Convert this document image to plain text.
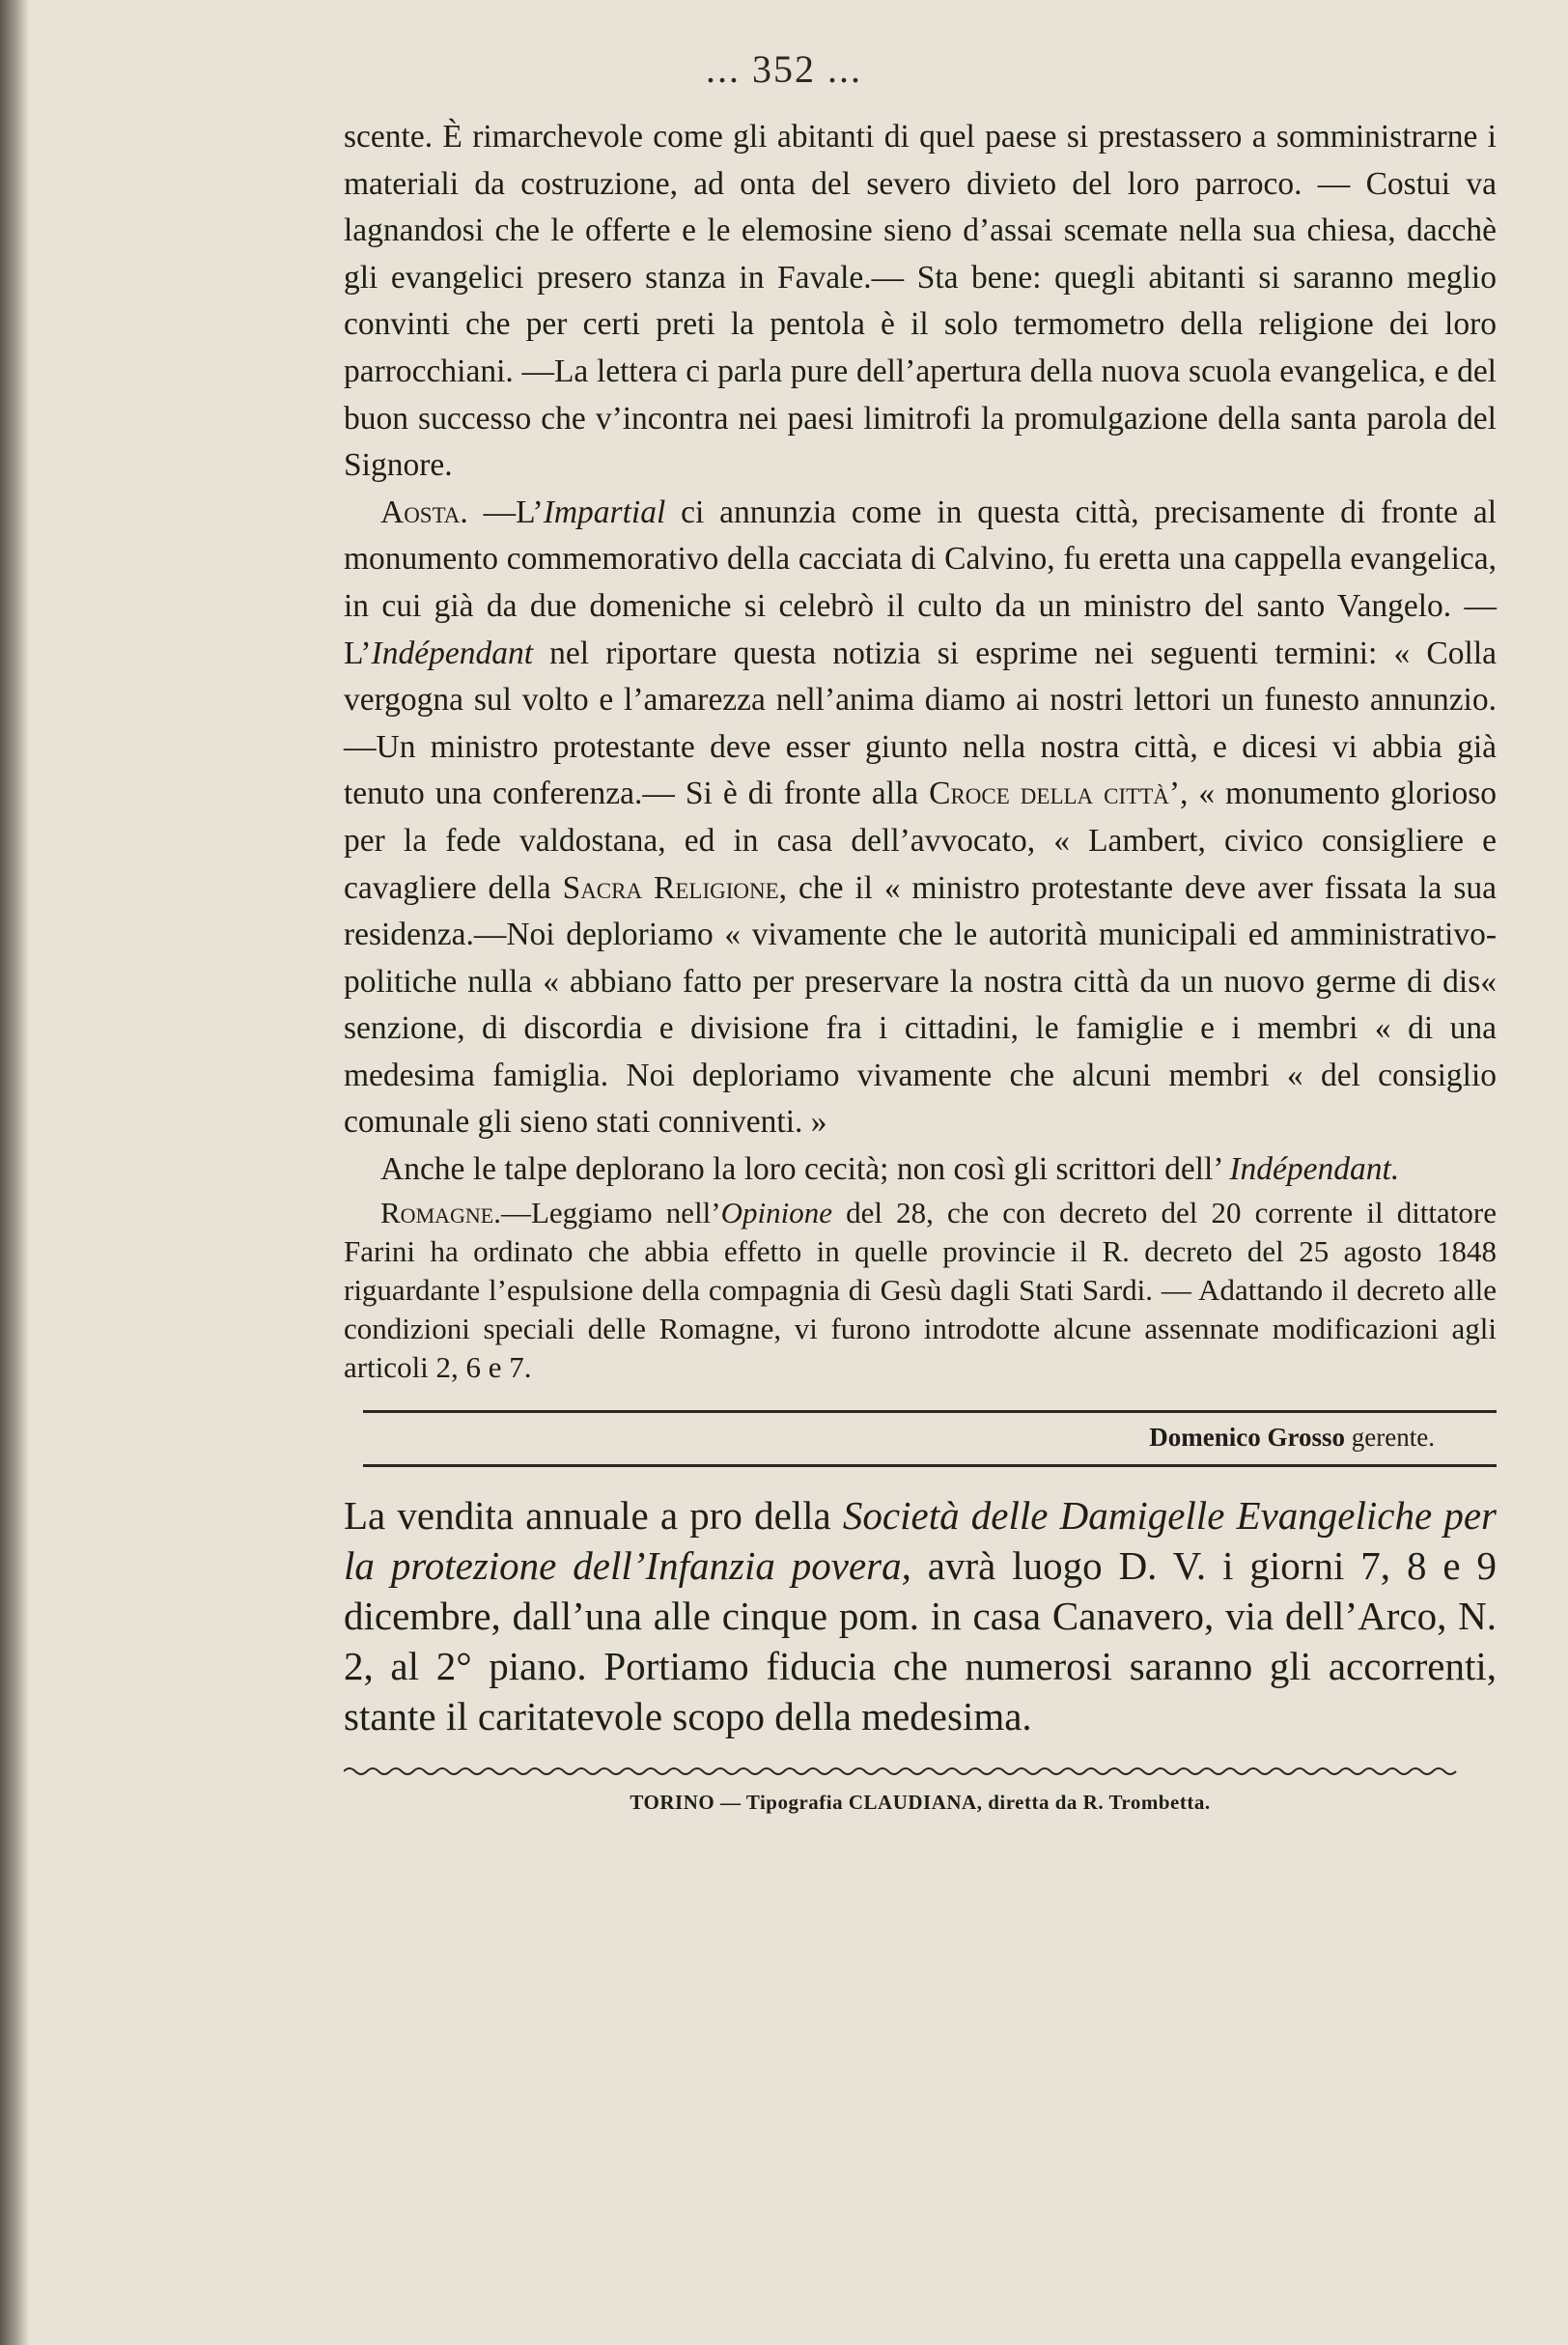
... 352 ...

scente. È rimarchevole come gli abitanti di quel paese si prestassero a somministrarne i materiali da costruzione, ad onta del severo divieto del loro parroco. — Costui va lagnandosi che le offerte e le elemosine sieno d’assai scemate nella sua chiesa, dacchè gli evangelici presero stanza in Favale.— Sta bene: quegli abitanti si saranno meglio convinti che per certi preti la pentola è il solo termometro della religione dei loro parrocchiani. —La lettera ci parla pure dell’apertura della nuova scuola evangelica, e del buon successo che v’incontra nei paesi limitrofi la promulgazione della santa parola del Signore.

Aosta. —L’Impartial ci annunzia come in questa città, precisamente di fronte al monumento commemorativo della cacciata di Calvino, fu eretta una cappella evangelica, in cui già da due domeniche si celebrò il culto da un ministro del santo Vangelo. —L’Indépendant nel riportare questa notizia si esprime nei seguenti termini: « Colla vergogna sul volto e l’amarezza nell’anima diamo ai nostri lettori un funesto annunzio. —Un ministro protestante deve esser giunto nella nostra città, e dicesi vi abbia già tenuto una conferenza.— Si è di fronte alla Croce della città’, « monumento glorioso per la fede valdostana, ed in casa dell’avvocato, « Lambert, civico consigliere e cavagliere della Sacra Religione, che il « ministro protestante deve aver fissata la sua residenza.—Noi deploriamo « vivamente che le autorità municipali ed amministrativo-politiche nulla « abbiano fatto per preservare la nostra città da un nuovo germe di dis« senzione, di discordia e divisione fra i cittadini, le famiglie e i membri « di una medesima famiglia. Noi deploriamo vivamente che alcuni membri « del consiglio comunale gli sieno stati conniventi. »

Anche le talpe deplorano la loro cecità; non così gli scrittori dell’ Indépendant.

Romagne.—Leggiamo nell’Opinione del 28, che con decreto del 20 corrente il dittatore Farini ha ordinato che abbia effetto in quelle provincie il R. decreto del 25 agosto 1848 riguardante l’espulsione della compagnia di Gesù dagli Stati Sardi. — Adattando il decreto alle condizioni speciali delle Romagne, vi furono introdotte alcune assennate modificazioni agli articoli 2, 6 e 7.

Domenico Grosso gerente.
La vendita annuale a pro della Società delle Damigelle Evangeliche per la protezione dell’Infanzia povera, avrà luogo D. V. i giorni 7, 8 e 9 dicembre, dall’una alle cinque pom. in casa Canavero, via dell’Arco, N. 2, al 2° piano. Portiamo fiducia che numerosi saranno gli accorrenti, stante il caritatevole scopo della medesima.
TORINO — Tipografia CLAUDIANA, diretta da R. Trombetta.
